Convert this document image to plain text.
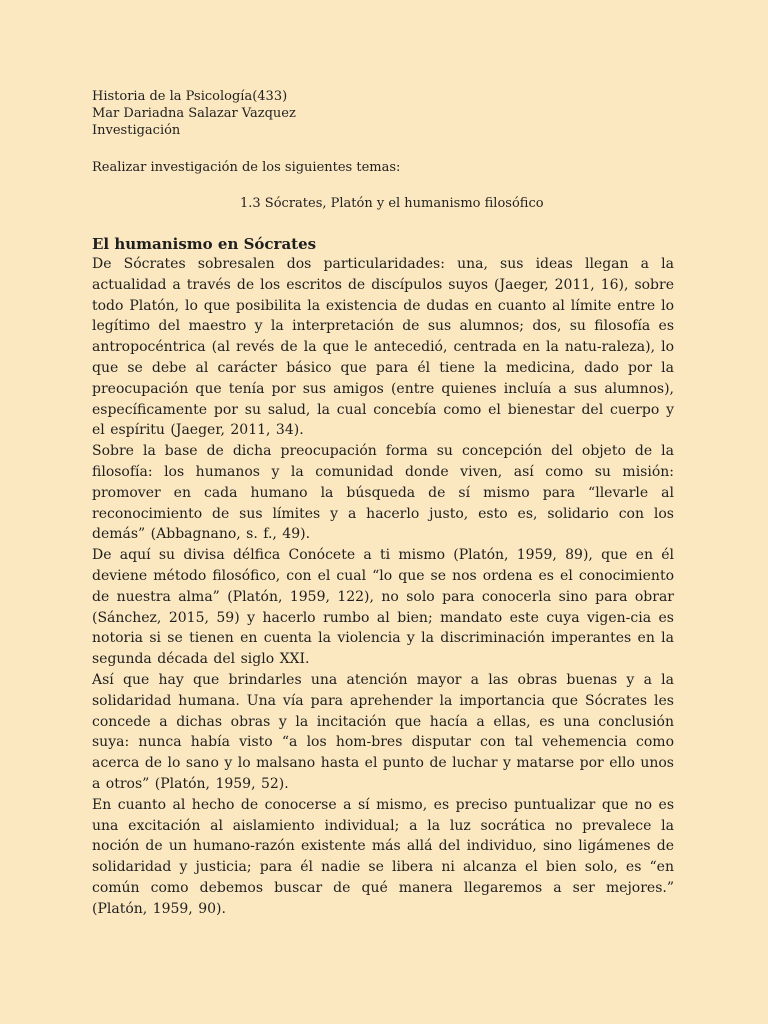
Historia de la Psicología(433)

Mar Dariadna Salazar Vazquez

Investigación

Realizar investigación de los siguientes temas:

1.3 Sócrates, Platón y el humanismo filosófico

El humanismo en Sócrates

De Sócrates sobresalen dos particularidades: una, sus ideas llegan a la actualidad a través de los escritos de discípulos suyos (Jaeger, 2011, 16), sobre todo Platón, lo que posibilita la existencia de dudas en cuanto al límite entre lo legítimo del maestro y la interpretación de sus alumnos; dos, su filosofía es antropocéntrica (al revés de la que le antecedió, centrada en la natu-raleza), lo que se debe al carácter básico que para él tiene la medicina, dado por la preocupación que tenía por sus amigos (entre quienes incluía a sus alumnos), específicamente por su salud, la cual concebía como el bienestar del cuerpo y el espíritu (Jaeger, 2011, 34).

Sobre la base de dicha preocupación forma su concepción del objeto de la filosofía: los humanos y la comunidad donde viven, así como su misión: promover en cada humano la búsqueda de sí mismo para “llevarle al reconocimiento de sus límites y a hacerlo justo, esto es, solidario con los demás” (Abbagnano, s. f., 49).

De aquí su divisa délfica Conócete a ti mismo (Platón, 1959, 89), que en él deviene método filosófico, con el cual “lo que se nos ordena es el conocimiento de nuestra alma” (Platón, 1959, 122), no solo para conocerla sino para obrar (Sánchez, 2015, 59) y hacerlo rumbo al bien; mandato este cuya vigen-cia es notoria si se tienen en cuenta la violencia y la discriminación imperantes en la segunda década del siglo XXI.

Así que hay que brindarles una atención mayor a las obras buenas y a la solidaridad humana. Una vía para aprehender la importancia que Sócrates les concede a dichas obras y la incitación que hacía a ellas, es una conclusión suya: nunca había visto “a los hom-bres disputar con tal vehemencia como acerca de lo sano y lo malsano hasta el punto de luchar y matarse por ello unos a otros” (Platón, 1959, 52).

En cuanto al hecho de conocerse a sí mismo, es preciso puntualizar que no es una excitación al aislamiento individual; a la luz socrática no prevalece la noción de un humano-razón existente más allá del individuo, sino ligámenes de solidaridad y justicia; para él nadie se libera ni alcanza el bien solo, es “en común como debemos buscar de qué manera llegaremos a ser mejores.” (Platón, 1959, 90).
